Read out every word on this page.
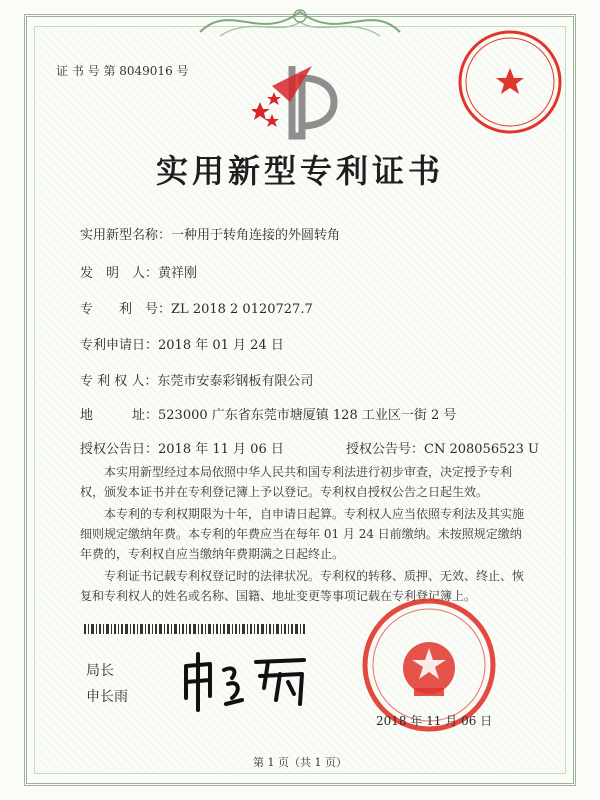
证 书 号 第 8049016 号
实用新型专利证书
实用新型名称：一种用于转角连接的外圆转角
发　明　人：黄祥刚
专　　利　号：ZL 2018 2 0120727.7
专利申请日：2018 年 01 月 24 日
专 利 权 人：东莞市安泰彩钢板有限公司
地　　　址：523000 广东省东莞市塘厦镇 128 工业区一街 2 号
授权公告日：2018 年 11 月 06 日	授权公告号：CN 208056523 U
本实用新型经过本局依照中华人民共和国专利法进行初步审查，决定授予专利权，颁发本证书并在专利登记簿上予以登记。专利权自授权公告之日起生效。
本专利的专利权期限为十年，自申请日起算。专利权人应当依照专利法及其实施细则规定缴纳年费。本专利的年费应当在每年 01 月 24 日前缴纳。未按照规定缴纳年费的，专利权自应当缴纳年费期满之日起终止。
专利证书记载专利权登记时的法律状况。专利权的转移、质押、无效、终止、恢复和专利权人的姓名或名称、国籍、地址变更等事项记载在专利登记簿上。
局长
申长雨
2018 年 11 月 06 日
第 1 页（共 1 页）
